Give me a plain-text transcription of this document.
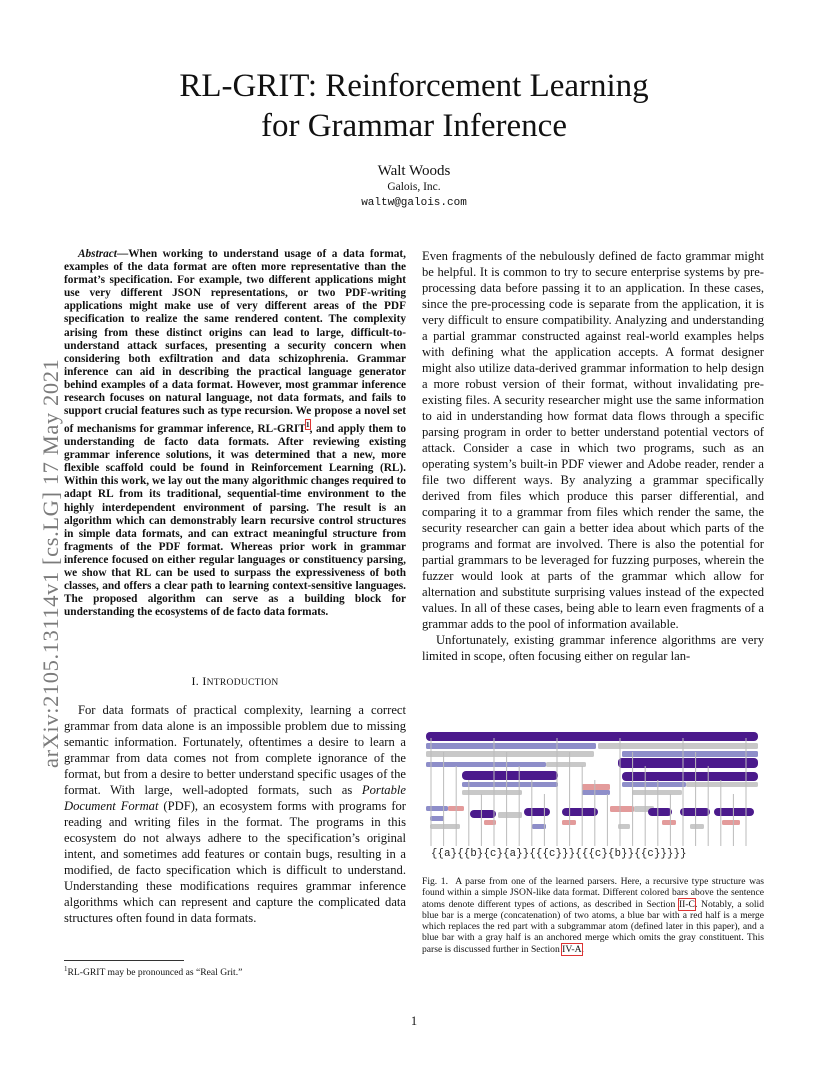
arXiv:2105.13114v1 [cs.LG] 17 May 2021
RL-GRIT: Reinforcement Learning
for Grammar Inference
Walt Woods
Galois, Inc.
waltw@galois.com
Abstract—When working to understand usage of a data format, examples of the data format are often more representative than the format’s specification. For example, two different applications might use very different JSON representations, or two PDF-writing applications might make use of very different areas of the PDF specification to realize the same rendered content. The complexity arising from these distinct origins can lead to large, difficult-to-understand attack surfaces, presenting a security concern when considering both exfiltration and data schizophrenia. Grammar inference can aid in describing the practical language generator behind examples of a data format. However, most grammar inference research focuses on natural language, not data formats, and fails to support crucial features such as type recursion. We propose a novel set of mechanisms for grammar inference, RL-GRIT$^1$, and apply them to understanding de facto data formats. After reviewing existing grammar inference solutions, it was determined that a new, more flexible scaffold could be found in Reinforcement Learning (RL). Within this work, we lay out the many algorithmic changes required to adapt RL from its traditional, sequential-time environment to the highly interdependent environment of parsing. The result is an algorithm which can demonstrably learn recursive control structures in simple data formats, and can extract meaningful structure from fragments of the PDF format. Whereas prior work in grammar inference focused on either regular languages or constituency parsing, we show that RL can be used to surpass the expressiveness of both classes, and offers a clear path to learning context-sensitive languages. The proposed algorithm can serve as a building block for understanding the ecosystems of de facto data formats.
I. INTRODUCTION
For data formats of practical complexity, learning a correct grammar from data alone is an impossible problem due to missing semantic information. Fortunately, oftentimes a desire to learn a grammar from data comes not from complete ignorance of the format, but from a desire to better understand specific usages of the format. With large, well-adopted formats, such as Portable Document Format (PDF), an ecosystem forms with programs for reading and writing files in the format. The programs in this ecosystem do not always adhere to the specification’s original intent, and sometimes add features or contain bugs, resulting in a modified, de facto specification which is difficult to understand. Understanding these modifications requires grammar inference algorithms which can represent and capture the complicated data structures often found in data formats.
$^1$RL-GRIT may be pronounced as “Real Grit.”

Even fragments of the nebulously defined de facto grammar might be helpful. It is common to try to secure enterprise systems by pre-processing data before passing it to an application. In these cases, since the pre-processing code is separate from the application, it is very difficult to ensure compatibility. Analyzing and understanding a partial grammar constructed against real-world examples helps with defining what the application accepts. A format designer might also utilize data-derived grammar information to help design a more robust version of their format, without invalidating pre-existing files. A security researcher might use the same information to aid in understanding how format data flows through a specific parsing program in order to better understand potential vectors of attack. Consider a case in which two programs, such as an operating system’s built-in PDF viewer and Adobe reader, render a file two different ways. By analyzing a grammar specifically derived from files which produce this parser differential, and comparing it to a grammar from files which render the same, the security researcher can gain a better idea about which parts of the programs and format are involved. There is also the potential for partial grammars to be leveraged for fuzzing purposes, wherein the fuzzer would look at parts of the grammar which allow for alternation and substitute surprising values instead of the expected values. In all of these cases, being able to learn even fragments of a grammar adds to the pool of information available.

Unfortunately, existing grammar inference algorithms are very limited in scope, often focusing either on regular lan-

{{a}{{b}{c}{a}}{{{c}}}{{{c}{b}}{{c}}}}}
Fig. 1. A parse from one of the learned parsers. Here, a recursive type structure was found within a simple JSON-like data format. Different colored bars above the sentence atoms denote different types of actions, as described in Section II-C. Notably, a solid blue bar is a merge (concatenation) of two atoms, a blue bar with a red half is a merge which replaces the red part with a subgrammar atom (defined later in this paper), and a blue bar with a gray half is an anchored merge which omits the gray constituent. This parse is discussed further in Section IV-A.
1
